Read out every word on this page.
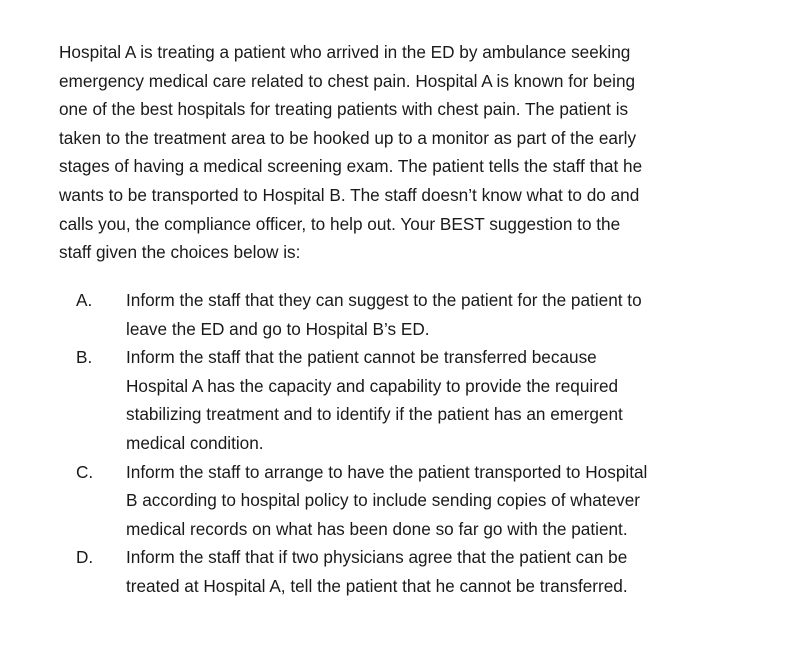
Hospital A is treating a patient who arrived in the ED by ambulance seeking
emergency medical care related to chest pain. Hospital A is known for being
one of the best hospitals for treating patients with chest pain. The patient is
taken to the treatment area to be hooked up to a monitor as part of the early
stages of having a medical screening exam. The patient tells the staff that he
wants to be transported to Hospital B. The staff doesn’t know what to do and
calls you, the compliance officer, to help out. Your BEST suggestion to the
staff given the choices below is:
A.	Inform the staff that they can suggest to the patient for the patient to
leave the ED and go to Hospital B’s ED.
B.	Inform the staff that the patient cannot be transferred because
Hospital A has the capacity and capability to provide the required
stabilizing treatment and to identify if the patient has an emergent
medical condition.
C.	Inform the staff to arrange to have the patient transported to Hospital
B according to hospital policy to include sending copies of whatever
medical records on what has been done so far go with the patient.
D.	Inform the staff that if two physicians agree that the patient can be
treated at Hospital A, tell the patient that he cannot be transferred.
